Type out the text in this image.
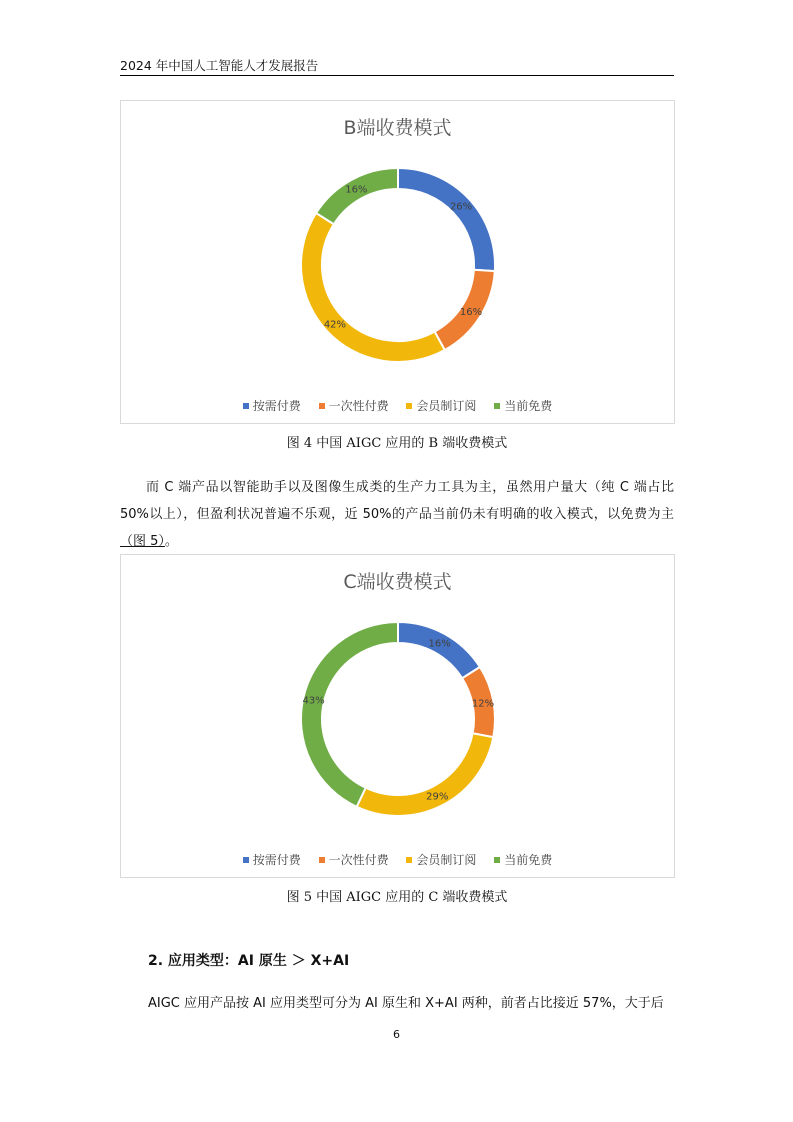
2024 年中国人工智能人才发展报告
B端收费模式
26%
16%
42%
16%
按需付费 一次性付费 会员制订阅 当前免费
图 4 中国 AIGC 应用的 B 端收费模式
而 C 端产品以智能助手以及图像生成类的生产力工具为主，虽然用户量大（纯 C 端占比 50%以上），但盈利状况普遍不乐观，近 50%的产品当前仍未有明确的收入模式，以免费为主（图 5）。
C端收费模式
16%
12%
29%
43%
按需付费 一次性付费 会员制订阅 当前免费
图 5 中国 AIGC 应用的 C 端收费模式
2. 应用类型：AI 原生 ＞ X+AI
AIGC 应用产品按 AI 应用类型可分为 AI 原生和 X+AI 两种，前者占比接近 57%，大于后
6
